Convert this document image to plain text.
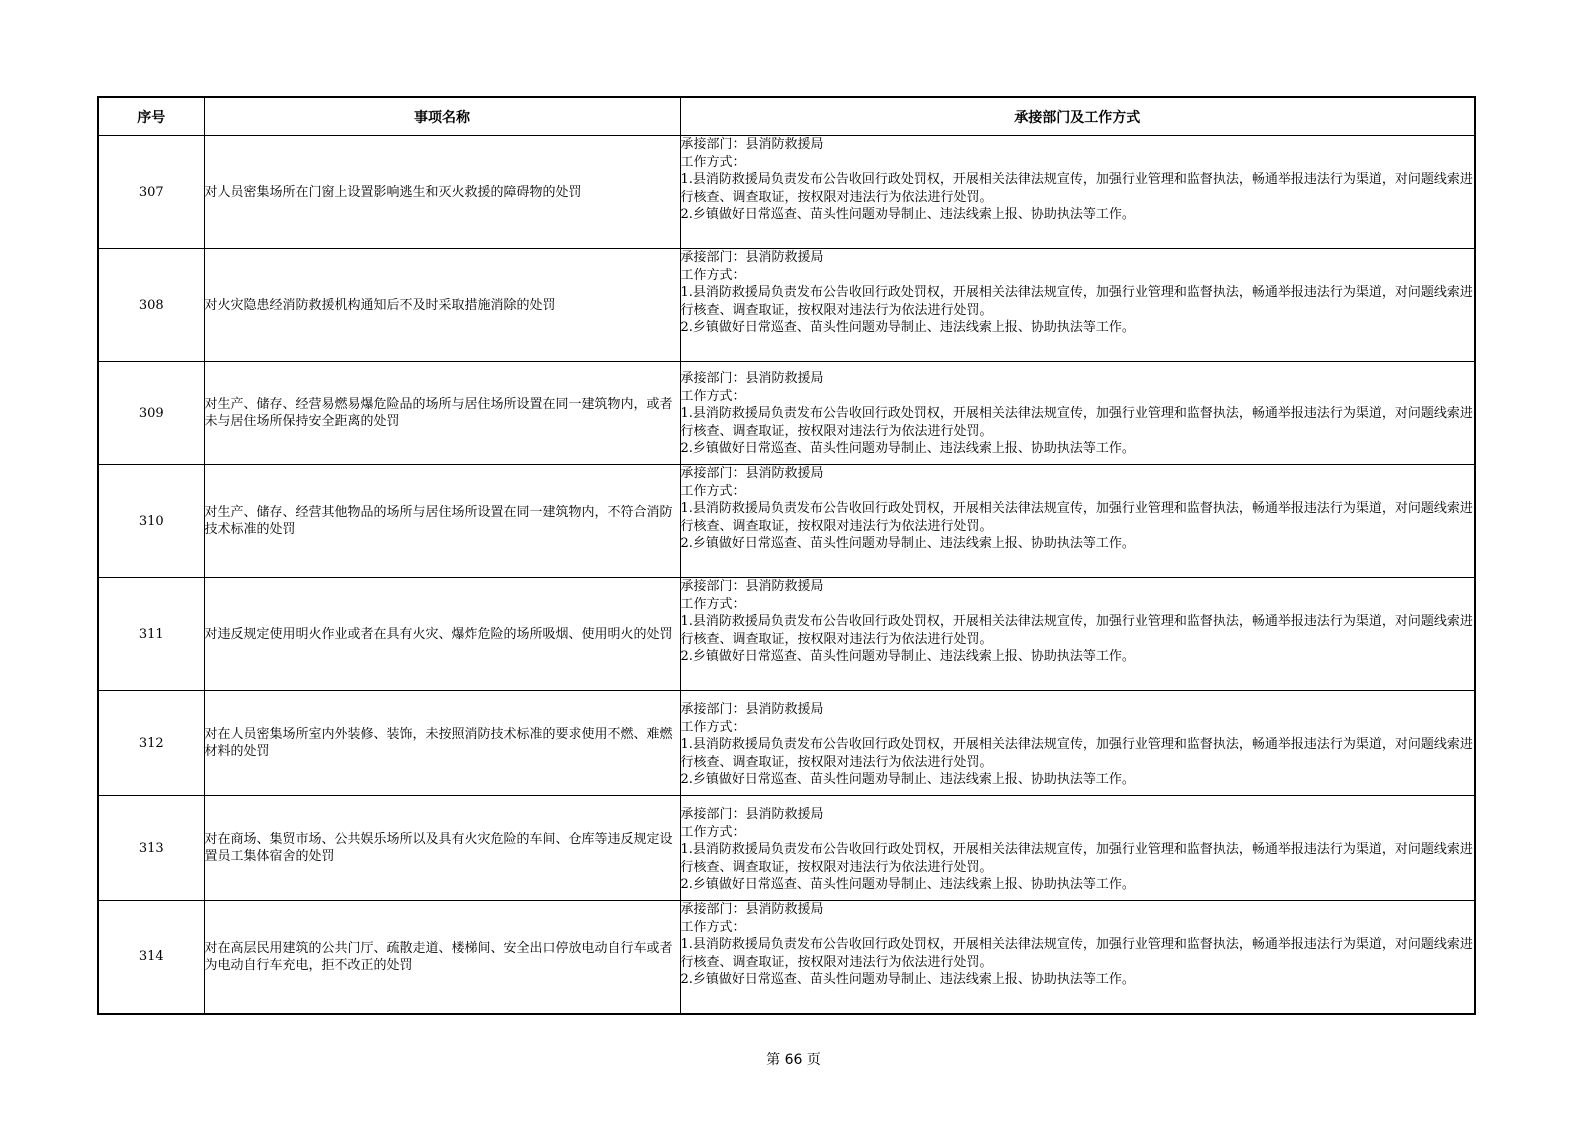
序号	事项名称	承接部门及工作方式
307	对人员密集场所在门窗上设置影响逃生和灭火救援的障碍物的处罚	承接部门：县消防救援局
工作方式：
1.县消防救援局负责发布公告收回行政处罚权，开展相关法律法规宣传，加强行业管理和监督执法，畅通举报违法行为渠道，对问题线索进行核查、调查取证，按权限对违法行为依法进行处罚。
2.乡镇做好日常巡查、苗头性问题劝导制止、违法线索上报、协助执法等工作。

308	对火灾隐患经消防救援机构通知后不及时采取措施消除的处罚	承接部门：县消防救援局
工作方式：
1.县消防救援局负责发布公告收回行政处罚权，开展相关法律法规宣传，加强行业管理和监督执法，畅通举报违法行为渠道，对问题线索进行核查、调查取证，按权限对违法行为依法进行处罚。
2.乡镇做好日常巡查、苗头性问题劝导制止、违法线索上报、协助执法等工作。

309	对生产、储存、经营易燃易爆危险品的场所与居住场所设置在同一建筑物内，或者未与居住场所保持安全距离的处罚	承接部门：县消防救援局
工作方式：
1.县消防救援局负责发布公告收回行政处罚权，开展相关法律法规宣传，加强行业管理和监督执法，畅通举报违法行为渠道，对问题线索进行核查、调查取证，按权限对违法行为依法进行处罚。
2.乡镇做好日常巡查、苗头性问题劝导制止、违法线索上报、协助执法等工作。

310	对生产、储存、经营其他物品的场所与居住场所设置在同一建筑物内，不符合消防技术标准的处罚	承接部门：县消防救援局
工作方式：
1.县消防救援局负责发布公告收回行政处罚权，开展相关法律法规宣传，加强行业管理和监督执法，畅通举报违法行为渠道，对问题线索进行核查、调查取证，按权限对违法行为依法进行处罚。
2.乡镇做好日常巡查、苗头性问题劝导制止、违法线索上报、协助执法等工作。

311	对违反规定使用明火作业或者在具有火灾、爆炸危险的场所吸烟、使用明火的处罚	承接部门：县消防救援局
工作方式：
1.县消防救援局负责发布公告收回行政处罚权，开展相关法律法规宣传，加强行业管理和监督执法，畅通举报违法行为渠道，对问题线索进行核查、调查取证，按权限对违法行为依法进行处罚。
2.乡镇做好日常巡查、苗头性问题劝导制止、违法线索上报、协助执法等工作。

312	对在人员密集场所室内外装修、装饰，未按照消防技术标准的要求使用不燃、难燃材料的处罚	承接部门：县消防救援局
工作方式：
1.县消防救援局负责发布公告收回行政处罚权，开展相关法律法规宣传，加强行业管理和监督执法，畅通举报违法行为渠道，对问题线索进行核查、调查取证，按权限对违法行为依法进行处罚。
2.乡镇做好日常巡查、苗头性问题劝导制止、违法线索上报、协助执法等工作。

313	对在商场、集贸市场、公共娱乐场所以及具有火灾危险的车间、仓库等违反规定设置员工集体宿舍的处罚	承接部门：县消防救援局
工作方式：
1.县消防救援局负责发布公告收回行政处罚权，开展相关法律法规宣传，加强行业管理和监督执法，畅通举报违法行为渠道，对问题线索进行核查、调查取证，按权限对违法行为依法进行处罚。
2.乡镇做好日常巡查、苗头性问题劝导制止、违法线索上报、协助执法等工作。

314	对在高层民用建筑的公共门厅、疏散走道、楼梯间、安全出口停放电动自行车或者为电动自行车充电，拒不改正的处罚	承接部门：县消防救援局
工作方式：
1.县消防救援局负责发布公告收回行政处罚权，开展相关法律法规宣传，加强行业管理和监督执法，畅通举报违法行为渠道，对问题线索进行核查、调查取证，按权限对违法行为依法进行处罚。
2.乡镇做好日常巡查、苗头性问题劝导制止、违法线索上报、协助执法等工作。
第 66 页
